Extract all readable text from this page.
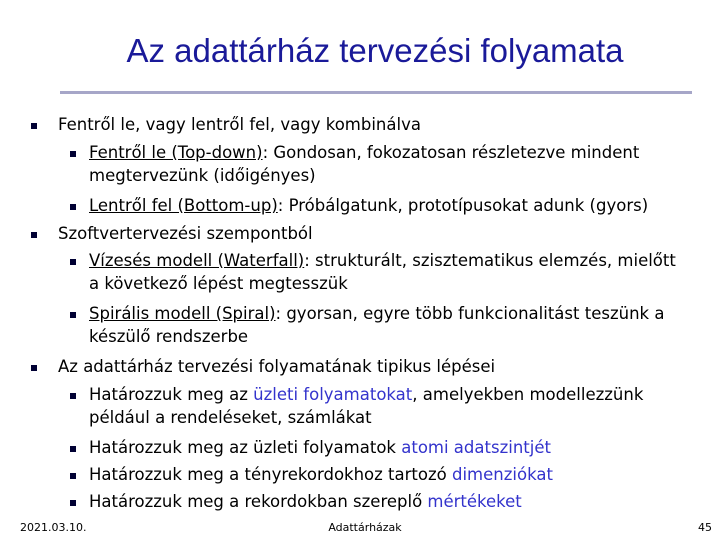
Az adattárház tervezési folyamata
Fentről le, vagy lentről fel, vagy kombinálva
Fentről le (Top-down): Gondosan, fokozatosan részletezve mindent megtervezünk (időigényes)
Lentről fel (Bottom-up): Próbálgatunk, prototípusokat adunk (gyors)
Szoftvertervezési szempontból
Vízesés modell (Waterfall): strukturált, szisztematikus elemzés, mielőtt a következő lépést megtesszük
Spirális modell (Spiral): gyorsan, egyre több funkcionalitást teszünk a készülő rendszerbe
Az adattárház tervezési folyamatának tipikus lépései
Határozzuk meg az üzleti folyamatokat, amelyekben modellezzünk például a rendeléseket, számlákat
Határozzuk meg az üzleti folyamatok atomi adatszintjét
Határozzuk meg a tényrekordokhoz tartozó dimenziókat
Határozzuk meg a rekordokban szereplő mértékeket
2021.03.10.	Adattárházak	45
